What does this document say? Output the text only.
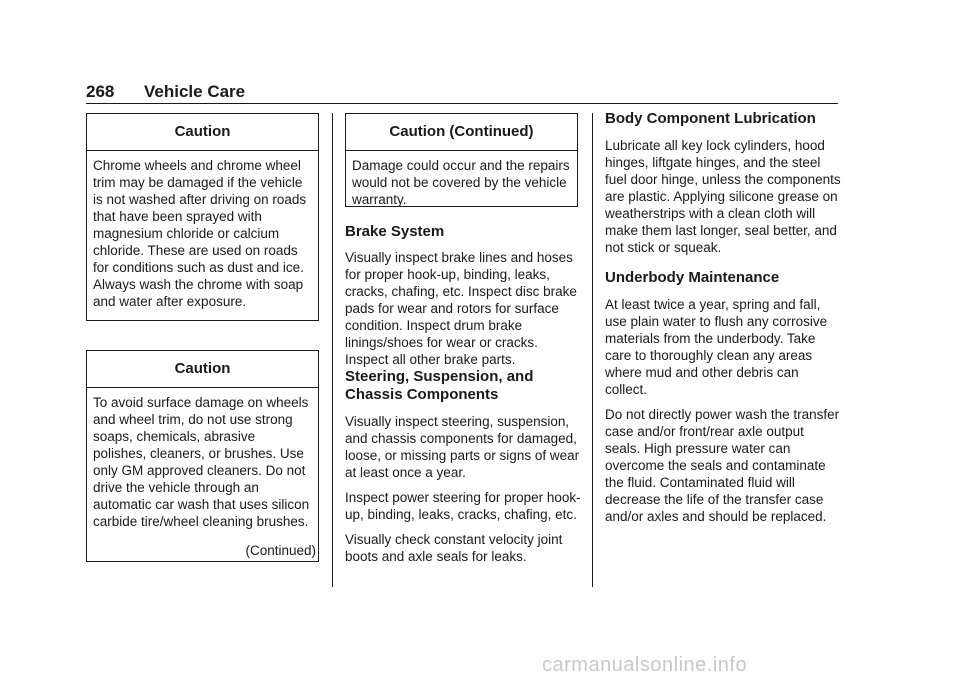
268 Vehicle Care
Caution
Chrome wheels and chrome wheel trim may be damaged if the vehicle is not washed after driving on roads that have been sprayed with magnesium chloride or calcium chloride. These are used on roads for conditions such as dust and ice. Always wash the chrome with soap and water after exposure.
Caution
To avoid surface damage on wheels and wheel trim, do not use strong soaps, chemicals, abrasive polishes, cleaners, or brushes. Use only GM approved cleaners. Do not drive the vehicle through an automatic car wash that uses silicon carbide tire/wheel cleaning brushes.
(Continued)
Caution (Continued)
Damage could occur and the repairs would not be covered by the vehicle warranty.
Brake System

Visually inspect brake lines and hoses for proper hook-up, binding, leaks, cracks, chafing, etc. Inspect disc brake pads for wear and rotors for surface condition. Inspect drum brake linings/shoes for wear or cracks. Inspect all other brake parts.

Steering, Suspension, and Chassis Components

Visually inspect steering, suspension, and chassis components for damaged, loose, or missing parts or signs of wear at least once a year.

Inspect power steering for proper hook-up, binding, leaks, cracks, chafing, etc.

Visually check constant velocity joint boots and axle seals for leaks.

Body Component Lubrication

Lubricate all key lock cylinders, hood hinges, liftgate hinges, and the steel fuel door hinge, unless the components are plastic. Applying silicone grease on weatherstrips with a clean cloth will make them last longer, seal better, and not stick or squeak.

Underbody Maintenance

At least twice a year, spring and fall, use plain water to flush any corrosive materials from the underbody. Take care to thoroughly clean any areas where mud and other debris can collect.

Do not directly power wash the transfer case and/or front/rear axle output seals. High pressure water can overcome the seals and contaminate the fluid. Contaminated fluid will decrease the life of the transfer case and/or axles and should be replaced.

carmanualsonline.info
